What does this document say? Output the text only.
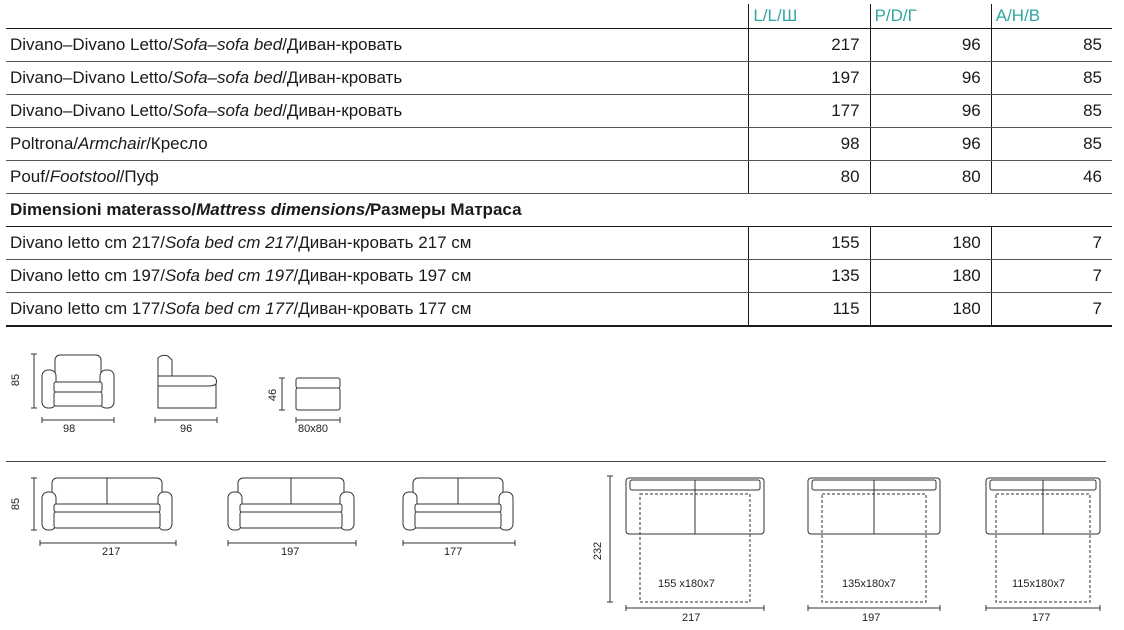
	L/L/Ш	P/D/Г	A/H/B
Divano–Divano Letto/Sofa–sofa bed/Диван-кровать	217	96	85
Divano–Divano Letto/Sofa–sofa bed/Диван-кровать	197	96	85
Divano–Divano Letto/Sofa–sofa bed/Диван-кровать	177	96	85
Poltrona/Armchair/Кресло	98	96	85
Pouf/Footstool/Пуф	80	80	46
Dimensioni materasso/Mattress dimensions/Размеры Матраса			
Divano letto cm 217/Sofa bed cm 217/Диван-кровать 217 см	155	180	7
Divano letto cm 197/Sofa bed cm 197/Диван-кровать 197 см	135	180	7
Divano letto cm 177/Sofa bed cm 177/Диван-кровать 177 см	115	180	7
85
98	96
46
80x80
85
217	197	177	232
155 x180x7
217
135x180x7
197
115x180x7
177
